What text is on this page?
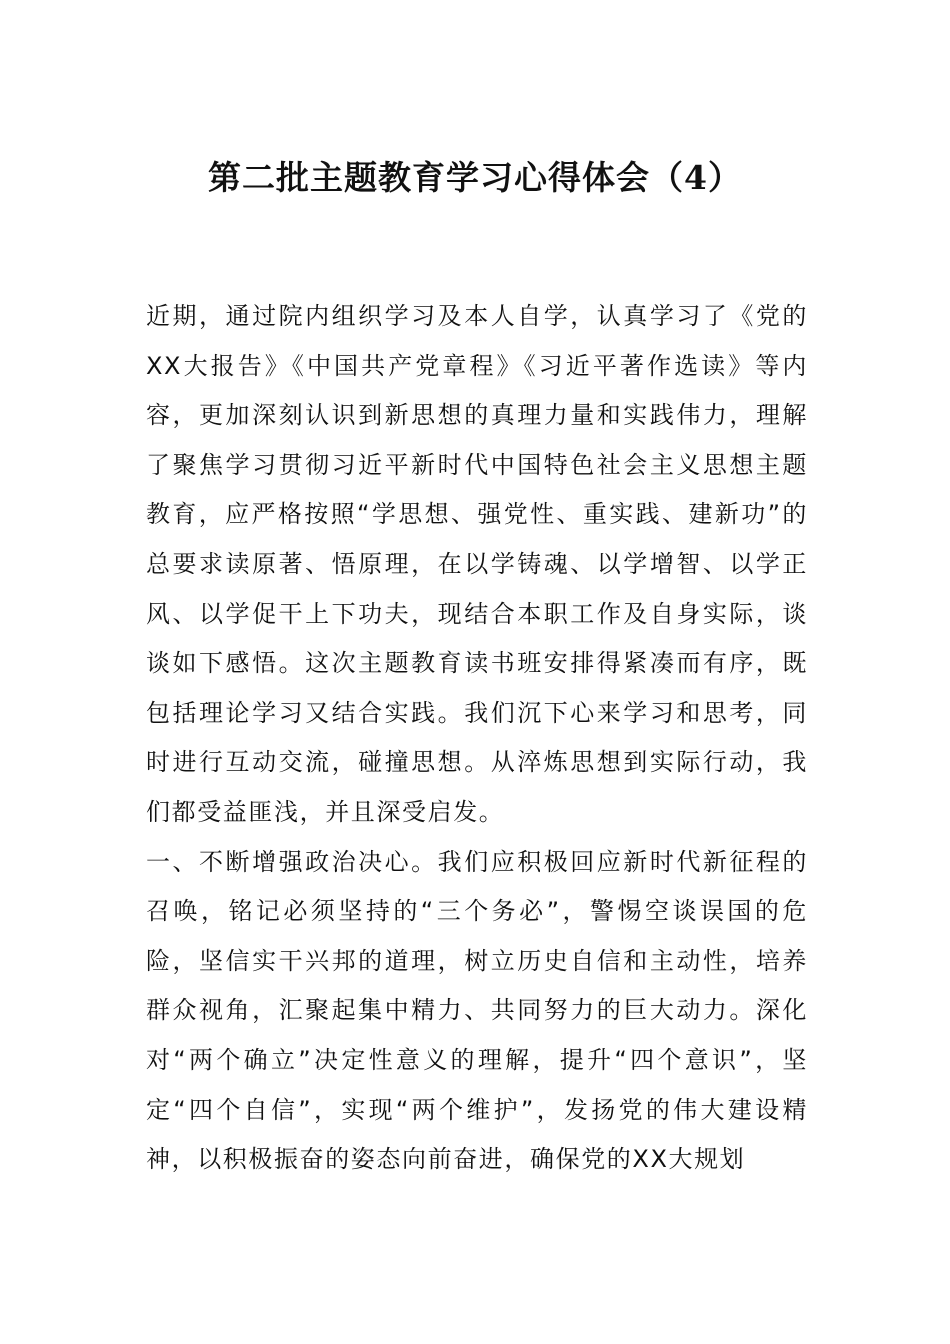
第二批主题教育学习心得体会（4）

近期，通过院内组织学习及本人自学，认真学习了《党的XX大报告》《中国共产党章程》《习近平著作选读》等内容，更加深刻认识到新思想的真理力量和实践伟力，理解了聚焦学习贯彻习近平新时代中国特色社会主义思想主题教育，应严格按照“学思想、强党性、重实践、建新功”的总要求读原著、悟原理，在以学铸魂、以学增智、以学正风、以学促干上下功夫，现结合本职工作及自身实际，谈谈如下感悟。这次主题教育读书班安排得紧凑而有序，既包括理论学习又结合实践。我们沉下心来学习和思考，同时进行互动交流，碰撞思想。从淬炼思想到实际行动，我们都受益匪浅，并且深受启发。

一、不断增强政治决心。我们应积极回应新时代新征程的召唤，铭记必须坚持的“三个务必”，警惕空谈误国的危险，坚信实干兴邦的道理，树立历史自信和主动性，培养群众视角，汇聚起集中精力、共同努力的巨大动力。深化对“两个确立”决定性意义的理解，提升“四个意识”，坚定“四个自信”，实现“两个维护”，发扬党的伟大建设精神，以积极振奋的姿态向前奋进，确保党的XX大规划
